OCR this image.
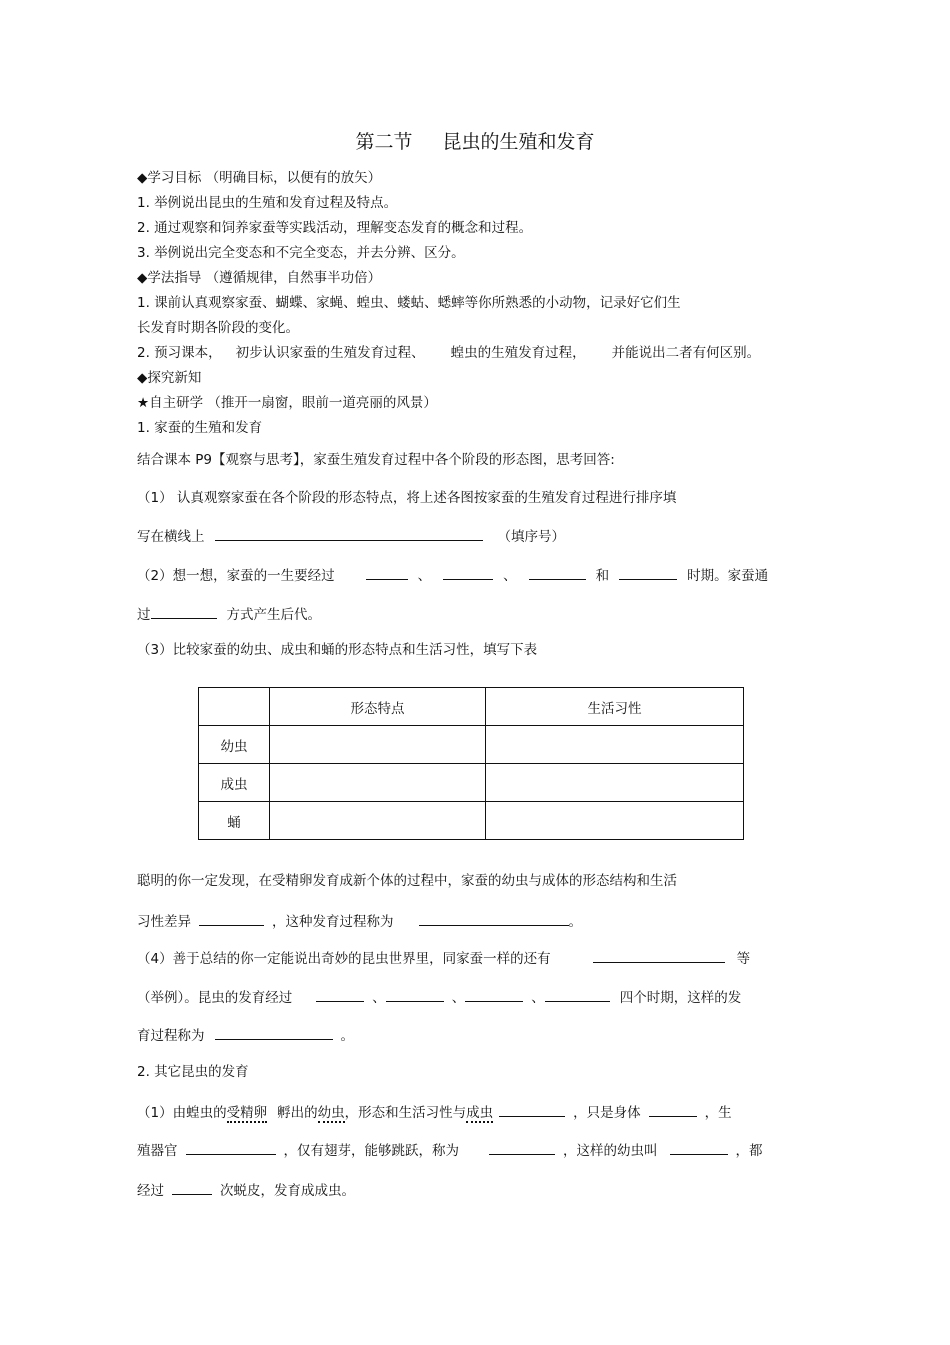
第二节 昆虫的生殖和发育
◆学习目标 （明确目标，以便有的放矢）
1. 举例说出昆虫的生殖和发育过程及特点。
2. 通过观察和饲养家蚕等实践活动，理解变态发育的概念和过程。
3. 举例说出完全变态和不完全变态，并去分辨、区分。
◆学法指导 （遵循规律，自然事半功倍）
1. 课前认真观察家蚕、蝴蝶、家蝇、蝗虫、蝼蛄、蟋蟀等你所熟悉的小动物，记录好它们生
长发育时期各阶段的变化。
2. 预习课本， 初步认识家蚕的生殖发育过程、 蝗虫的生殖发育过程， 并能说出二者有何区别。
◆探究新知
★自主研学 （推开一扇窗，眼前一道亮丽的风景）
1. 家蚕的生殖和发育
结合课本 P9【观察与思考】，家蚕生殖发育过程中各个阶段的形态图，思考回答:
（1） 认真观察家蚕在各个阶段的形态特点，将上述各图按家蚕的生殖发育过程进行排序填
写在横线上	（填序号）
（2）想一想，家蚕的一生要经过	、	、	和	时期。家蚕通
过	方式产生后代。
（3）比较家蚕的幼虫、成虫和蛹的形态特点和生活习性，填写下表
	形态特点	生活习性
幼虫		
成虫		
蛹		
聪明的你一定发现，在受精卵发育成新个体的过程中，家蚕的幼虫与成体的形态结构和生活
习性差异	，这种发育过程称为	。
（4）善于总结的你一定能说出奇妙的昆虫世界里，同家蚕一样的还有	等
（举例）。昆虫的发育经过	、	、	、	四个时期，这样的发
育过程称为	。
2. 其它昆虫的发育
（1）由蝗虫的受精卵 孵出的幼虫，形态和生活习性与成虫	，只是身体	，生
殖器官	，仅有翅芽，能够跳跃，称为	，这样的幼虫叫	，都
经过	次蜕皮，发育成成虫。
